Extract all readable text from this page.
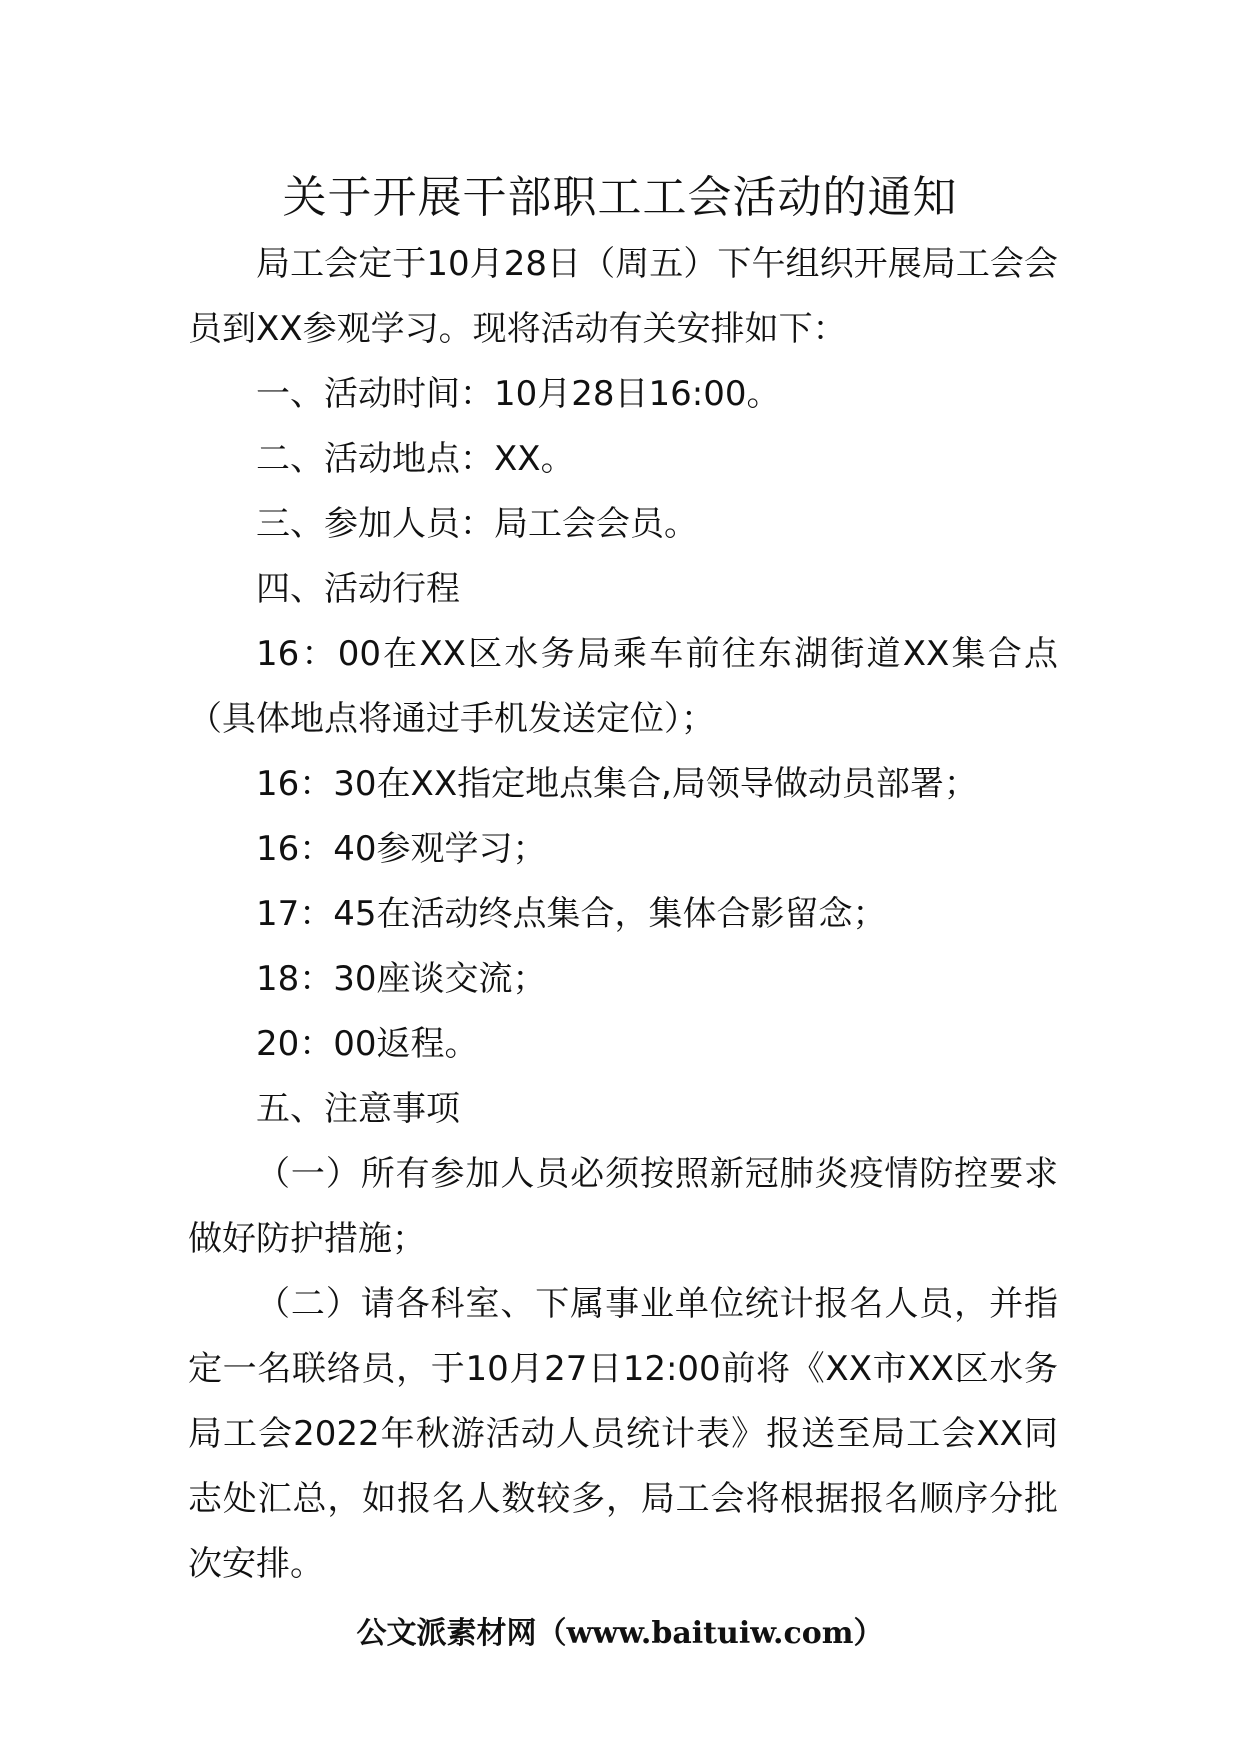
关于开展干部职工工会活动的通知

局工会定于10月28日（周五）下午组织开展局工会会员到XX参观学习。现将活动有关安排如下：

一、活动时间：10月28日16:00。

二、活动地点：XX。

三、参加人员：局工会会员。

四、活动行程

16：00在XX区水务局乘车前往东湖街道XX集合点（具体地点将通过手机发送定位）；

16：30在XX指定地点集合,局领导做动员部署；

16：40参观学习；

17：45在活动终点集合，集体合影留念；

18：30座谈交流；

20：00返程。

五、注意事项

（一）所有参加人员必须按照新冠肺炎疫情防控要求做好防护措施；

（二）请各科室、下属事业单位统计报名人员，并指定一名联络员，于10月27日12:00前将《XX市XX区水务局工会2022年秋游活动人员统计表》报送至局工会XX同志处汇总，如报名人数较多，局工会将根据报名顺序分批次安排。

公文派素材网（www.baituiw.com）
